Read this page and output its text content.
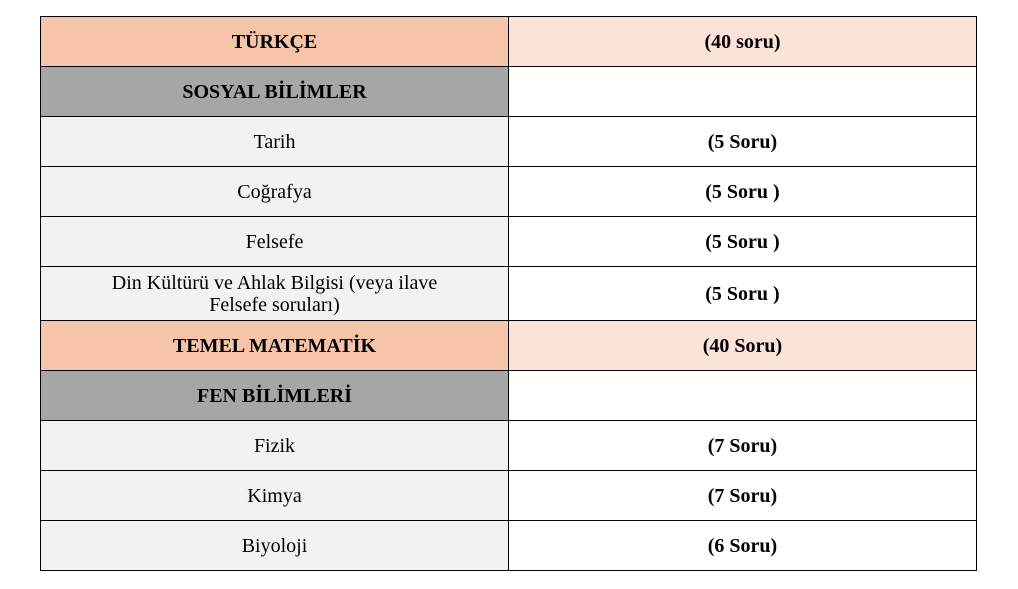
TÜRKÇE	(40 soru)
SOSYAL BİLİMLER	
Tarih	(5 Soru)
Coğrafya	(5 Soru )
Felsefe	(5 Soru )
Din Kültürü ve Ahlak Bilgisi (veya ilave Felsefe soruları)	(5 Soru )
TEMEL MATEMATİK	(40 Soru)
FEN BİLİMLERİ	
Fizik	(7 Soru)
Kimya	(7 Soru)
Biyoloji	(6 Soru)
